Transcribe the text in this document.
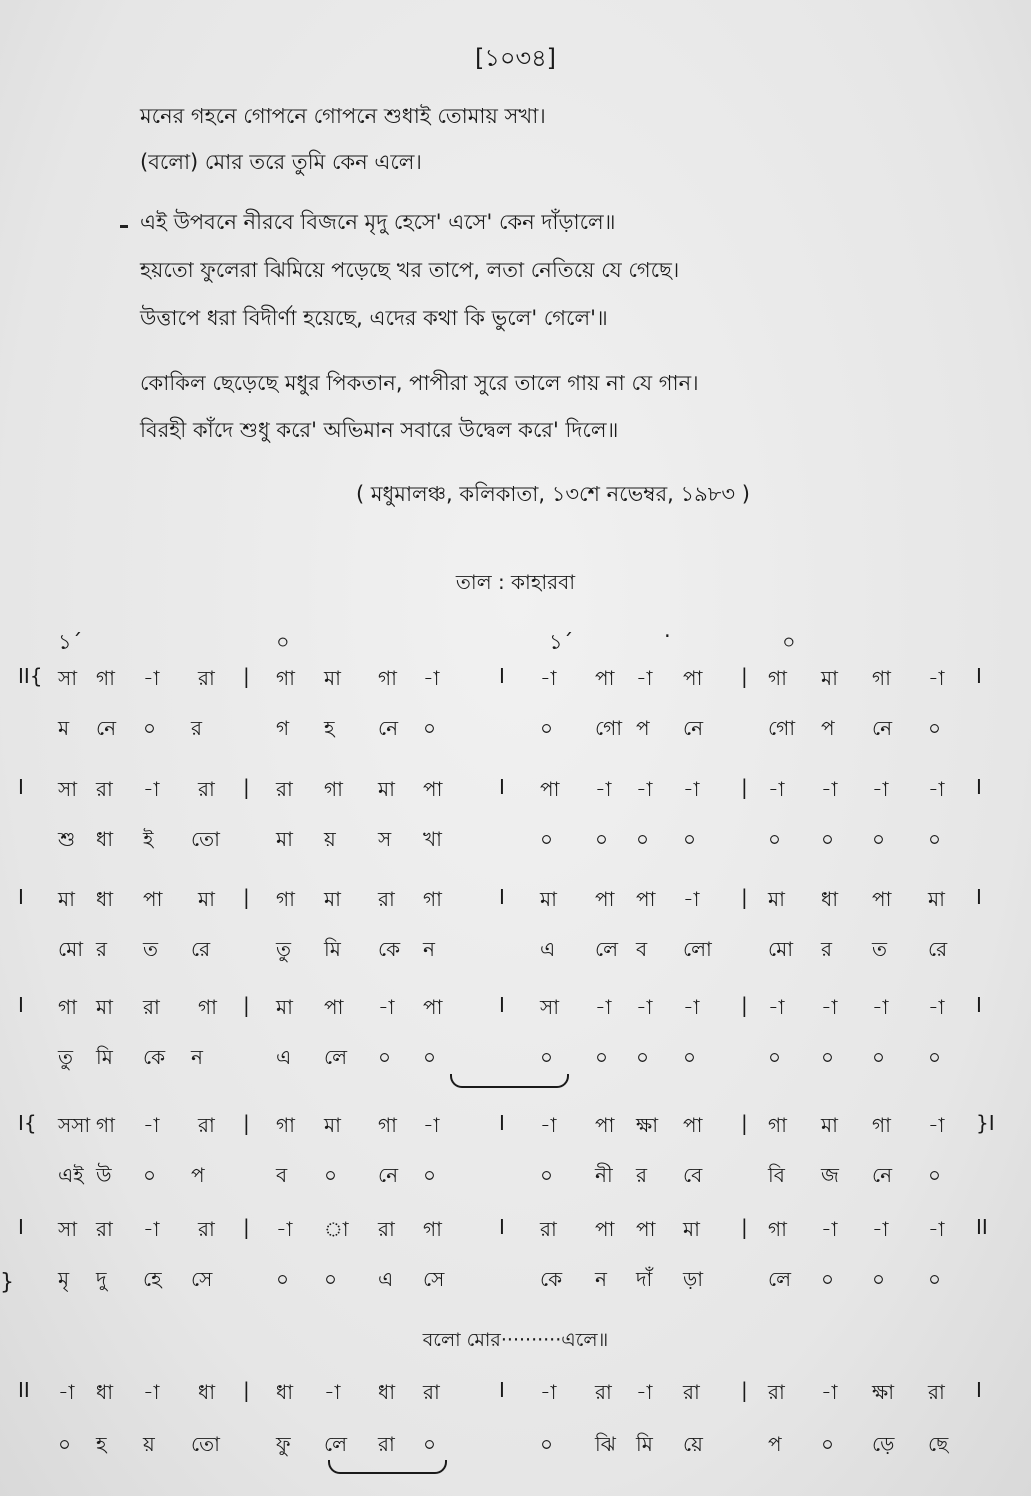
[১০৩৪]
মনের গহনে গোপনে গোপনে শুধাই তোমায় সখা।
(বলো) মোর তরে তুমি কেন এলে।
এই উপবনে নীরবে বিজনে মৃদু হেসে' এসে' কেন দাঁড়ালে॥
হয়তো ফুলেরা ঝিমিয়ে পড়েছে খর তাপে, লতা নেতিয়ে যে গেছে।
উত্তাপে ধরা বিদীর্ণা হয়েছে, এদের কথা কি ভুলে' গেলে'॥
কোকিল ছেড়েছে মধুর পিকতান, পাপীরা সুরে তালে গায় না যে গান।
বিরহী কাঁদে শুধু করে' অভিমান সবারে উদ্বেল করে' দিলে॥
( মধুমালঞ্চ, কলিকাতা, ১৩শে নভেম্বর, ১৯৮৩ )
তাল : কাহারবা
১´	০	১´	·	০
II{ সা গা -া রা | গা মা গা -া	I -া পা -া পা | গা মা গা -া I
ম নে ০ র	গ হ নে ০	০ গো প নে	গো প নে ০
I সা রা -া রা | রা গা মা পা	I পা -া -া -া | -া -া -া -া I
শু ধা ই তো	মা য় স খা	০ ০ ০ ০	০ ০ ০ ০
I মা ধা পা মা | গা মা রা গা	I মা পা পা -া | মা ধা পা মা I
মো র ত রে	তু মি কে ন	এ লে ব লো	মো র ত রে
I গা মা রা গা | মা পা -া পা	I সা -া -া -া | -া -া -া -া I
তু মি কে ন	এ লে ০ ০	০ ০ ০ ০	০ ০ ০ ০
I{ সসা গা -া রা | গা মা গা -া	I -া পা ক্ষা পা | গা মা গা -া }I
এই উ ০ প	ব ০ নে ০	০ নী র বে	বি জ নে ০
I সা রা -া রা | -া া রা গা	I রা পা পা মা | গা -া -া -া II
মৃ দু হে সে	০ ০ এ সে	কে ন দাঁ ড়া	লে ০ ০ ০
II -া ধা -া ধা | ধা -া ধা রা	I -া রা -া রা | রা -া ক্ষা রা I
০ হ য় তো	ফু লে রা ০	০ ঝি মি য়ে	প ০ ড়ে ছে
বলো মোর··········এলে॥
}
